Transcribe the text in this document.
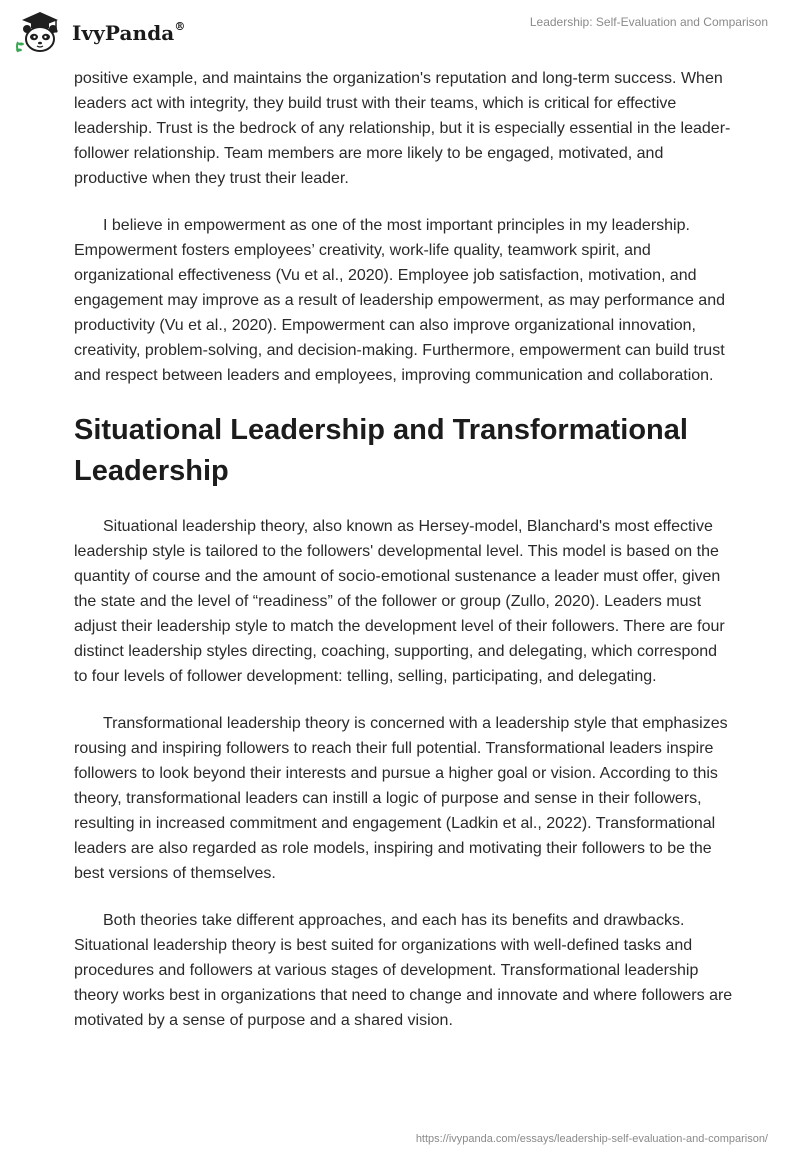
IvyPanda®	Leadership: Self-Evaluation and Comparison

positive example, and maintains the organization's reputation and long-term success. When leaders act with integrity, they build trust with their teams, which is critical for effective leadership. Trust is the bedrock of any relationship, but it is especially essential in the leader-follower relationship. Team members are more likely to be engaged, motivated, and productive when they trust their leader.

I believe in empowerment as one of the most important principles in my leadership. Empowerment fosters employees’ creativity, work-life quality, teamwork spirit, and organizational effectiveness (Vu et al., 2020). Employee job satisfaction, motivation, and engagement may improve as a result of leadership empowerment, as may performance and productivity (Vu et al., 2020). Empowerment can also improve organizational innovation, creativity, problem-solving, and decision-making. Furthermore, empowerment can build trust and respect between leaders and employees, improving communication and collaboration.

Situational Leadership and Transformational Leadership

Situational leadership theory, also known as Hersey-model, Blanchard's most effective leadership style is tailored to the followers' developmental level. This model is based on the quantity of course and the amount of socio-emotional sustenance a leader must offer, given the state and the level of “readiness” of the follower or group (Zullo, 2020). Leaders must adjust their leadership style to match the development level of their followers. There are four distinct leadership styles directing, coaching, supporting, and delegating, which correspond to four levels of follower development: telling, selling, participating, and delegating.

Transformational leadership theory is concerned with a leadership style that emphasizes rousing and inspiring followers to reach their full potential. Transformational leaders inspire followers to look beyond their interests and pursue a higher goal or vision. According to this theory, transformational leaders can instill a logic of purpose and sense in their followers, resulting in increased commitment and engagement (Ladkin et al., 2022). Transformational leaders are also regarded as role models, inspiring and motivating their followers to be the best versions of themselves.

Both theories take different approaches, and each has its benefits and drawbacks. Situational leadership theory is best suited for organizations with well-defined tasks and procedures and followers at various stages of development. Transformational leadership theory works best in organizations that need to change and innovate and where followers are motivated by a sense of purpose and a shared vision.

https://ivypanda.com/essays/leadership-self-evaluation-and-comparison/
